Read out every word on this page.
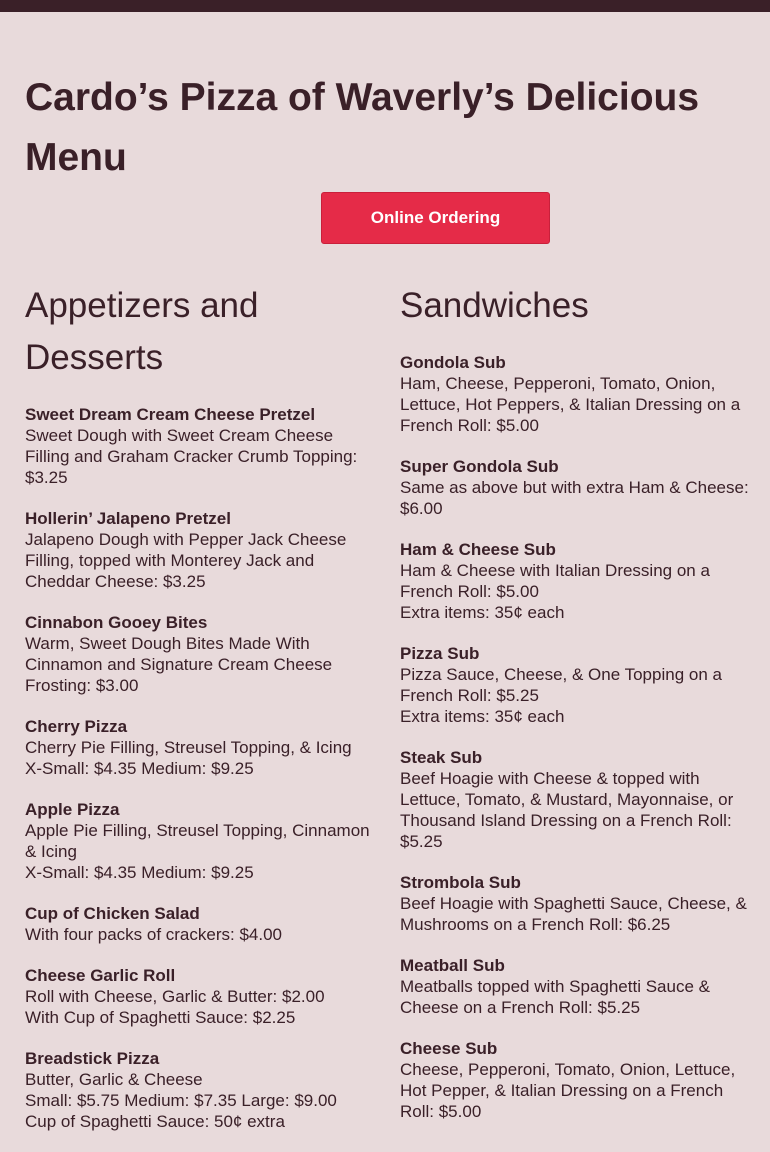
Cardo’s Pizza of Waverly’s Delicious Menu
Online Ordering
Appetizers and Desserts
Sweet Dream Cream Cheese Pretzel
Sweet Dough with Sweet Cream Cheese Filling and Graham Cracker Crumb Topping: $3.25
Hollerin’ Jalapeno Pretzel
Jalapeno Dough with Pepper Jack Cheese Filling, topped with Monterey Jack and Cheddar Cheese: $3.25
Cinnabon Gooey Bites
Warm, Sweet Dough Bites Made With Cinnamon and Signature Cream Cheese Frosting: $3.00
Cherry Pizza
Cherry Pie Filling, Streusel Topping, & Icing
X-Small: $4.35 Medium: $9.25
Apple Pizza
Apple Pie Filling, Streusel Topping, Cinnamon & Icing
X-Small: $4.35 Medium: $9.25
Cup of Chicken Salad
With four packs of crackers: $4.00
Cheese Garlic Roll
Roll with Cheese, Garlic & Butter: $2.00
With Cup of Spaghetti Sauce: $2.25
Breadstick Pizza
Butter, Garlic & Cheese
Small: $5.75 Medium: $7.35 Large: $9.00
Cup of Spaghetti Sauce: 50¢ extra
Sandwiches
Gondola Sub
Ham, Cheese, Pepperoni, Tomato, Onion, Lettuce, Hot Peppers, & Italian Dressing on a French Roll: $5.00
Super Gondola Sub
Same as above but with extra Ham & Cheese: $6.00
Ham & Cheese Sub
Ham & Cheese with Italian Dressing on a French Roll: $5.00
Extra items: 35¢ each
Pizza Sub
Pizza Sauce, Cheese, & One Topping on a French Roll: $5.25
Extra items: 35¢ each
Steak Sub
Beef Hoagie with Cheese & topped with Lettuce, Tomato, & Mustard, Mayonnaise, or Thousand Island Dressing on a French Roll: $5.25
Strombola Sub
Beef Hoagie with Spaghetti Sauce, Cheese, & Mushrooms on a French Roll: $6.25
Meatball Sub
Meatballs topped with Spaghetti Sauce & Cheese on a French Roll: $5.25
Cheese Sub
Cheese, Pepperoni, Tomato, Onion, Lettuce, Hot Pepper, & Italian Dressing on a French Roll: $5.00
